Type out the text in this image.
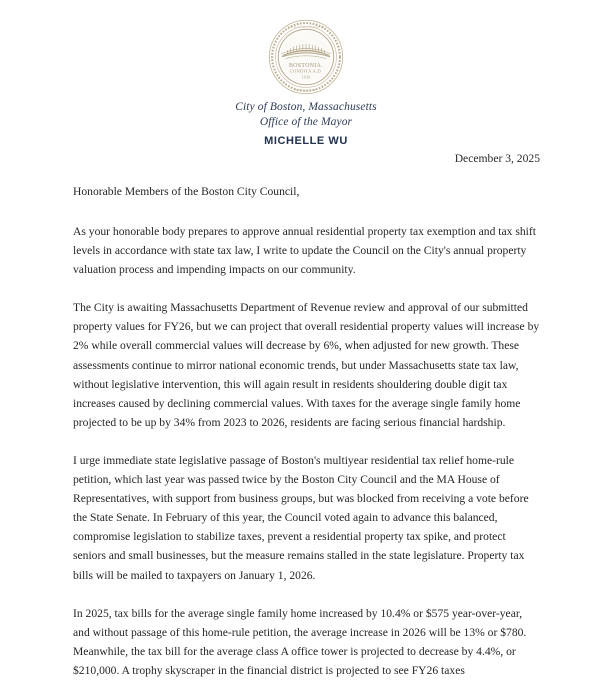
BOSTONIA.
CONDITA A.D.
1630
SIGILLVM CIVITATIS
BOSTONIAE
City of Boston, Massachusetts
Office of the Mayor
MICHELLE WU
December 3, 2025

Honorable Members of the Boston City Council,

As your honorable body prepares to approve annual residential property tax exemption and tax shift levels in accordance with state tax law, I write to update the Council on the City's annual property valuation process and impending impacts on our community.

The City is awaiting Massachusetts Department of Revenue review and approval of our submitted property values for FY26, but we can project that overall residential property values will increase by 2% while overall commercial values will decrease by 6%, when adjusted for new growth. These assessments continue to mirror national economic trends, but under Massachusetts state tax law, without legislative intervention, this will again result in residents shouldering double digit tax increases caused by declining commercial values. With taxes for the average single family home projected to be up by 34% from 2023 to 2026, residents are facing serious financial hardship.

I urge immediate state legislative passage of Boston's multiyear residential tax relief home-rule petition, which last year was passed twice by the Boston City Council and the MA House of Representatives, with support from business groups, but was blocked from receiving a vote before the State Senate. In February of this year, the Council voted again to advance this balanced, compromise legislation to stabilize taxes, prevent a residential property tax spike, and protect seniors and small businesses, but the measure remains stalled in the state legislature. Property tax bills will be mailed to taxpayers on January 1, 2026.

In 2025, tax bills for the average single family home increased by 10.4% or $575 year-over-year, and without passage of this home-rule petition, the average increase in 2026 will be 13% or $780. Meanwhile, the tax bill for the average class A office tower is projected to decrease by 4.4%, or $210,000. A trophy skyscraper in the financial district is projected to see FY26 taxes
